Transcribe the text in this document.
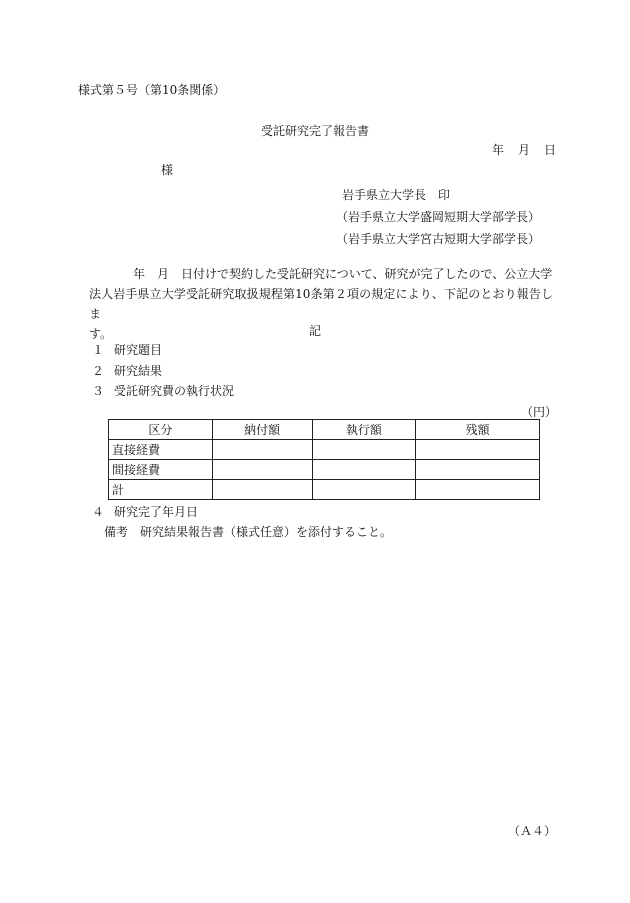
様式第５号（第10条関係）
受託研究完了報告書
年 月 日
様
岩手県立大学長　印
（岩手県立大学盛岡短期大学部学長）
（岩手県立大学宮古短期大学部学長）
年　月　日付けで契約した受託研究について、研究が完了したので、公立大学
法人岩手県立大学受託研究取扱規程第10条第２項の規定により、下記のとおり報告しま
す。	記
１ 研究題目
２ 研究結果
３ 受託研究費の執行状況
（円）
区分	納付額	執行額	残額
直接経費			
間接経費			
計			
４ 研究完了年月日
備考　研究結果報告書（様式任意）を添付すること。
（Ａ４）
